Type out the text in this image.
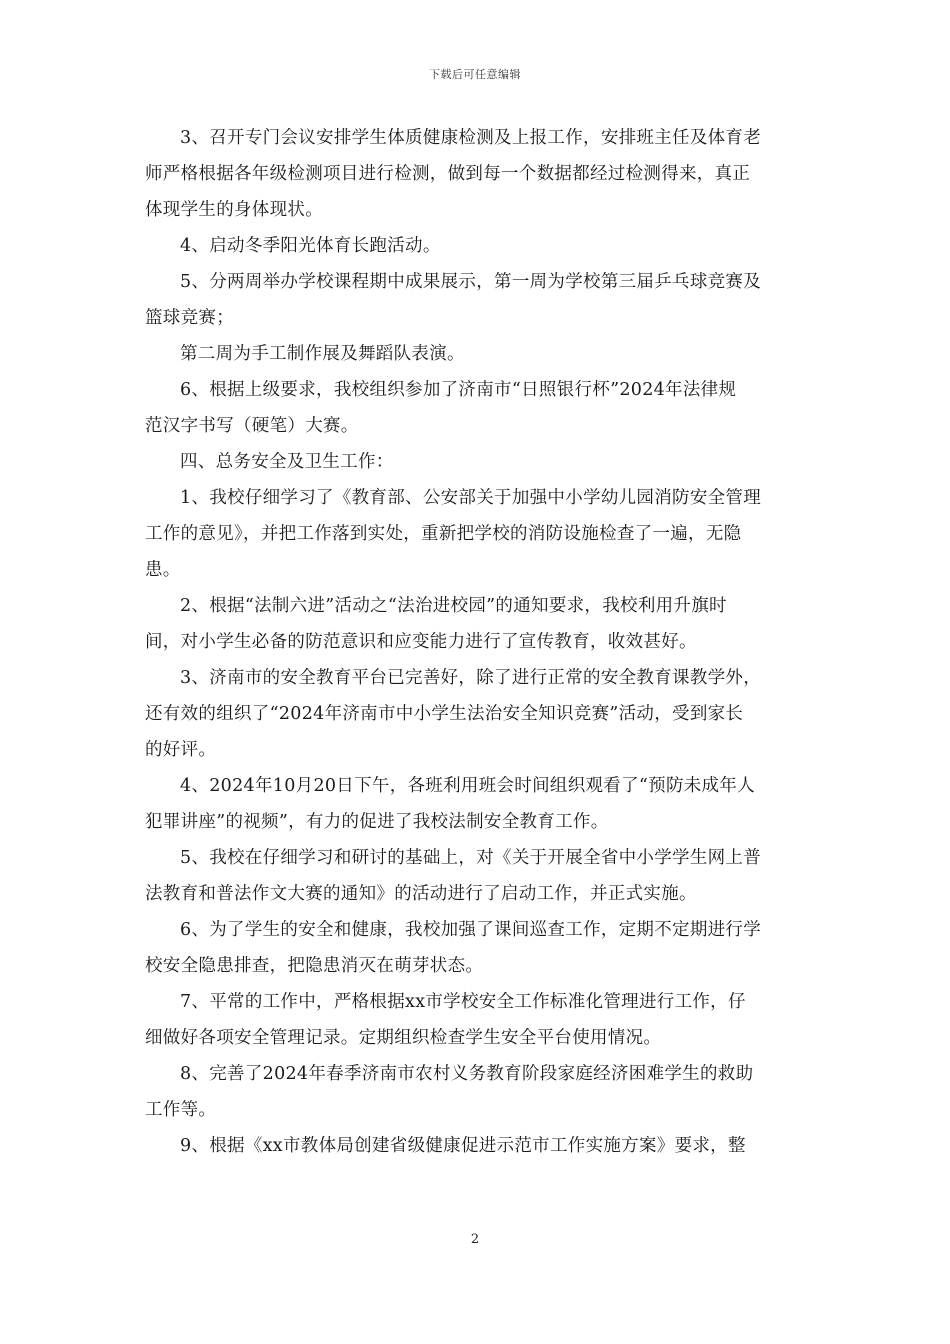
下载后可任意编辑

3、召开专门会议安排学生体质健康检测及上报工作，安排班主任及体育老
师严格根据各年级检测项目进行检测，做到每一个数据都经过检测得来，真正
体现学生的身体现状。

4、启动冬季阳光体育长跑活动。

5、分两周举办学校课程期中成果展示，第一周为学校第三届乒乓球竞赛及
篮球竞赛；

第二周为手工制作展及舞蹈队表演。

6、根据上级要求，我校组织参加了济南市“日照银行杯”2024年法律规
范汉字书写（硬笔）大赛。

四、总务安全及卫生工作：

1、我校仔细学习了《教育部、公安部关于加强中小学幼儿园消防安全管理
工作的意见》，并把工作落到实处，重新把学校的消防设施检查了一遍，无隐
患。

2、根据“法制六进”活动之“法治进校园”的通知要求，我校利用升旗时
间，对小学生必备的防范意识和应变能力进行了宣传教育，收效甚好。

3、济南市的安全教育平台已完善好，除了进行正常的安全教育课教学外，
还有效的组织了“2024年济南市中小学生法治安全知识竞赛”活动，受到家长
的好评。

4、2024年10月20日下午，各班利用班会时间组织观看了“预防未成年人
犯罪讲座”的视频”，有力的促进了我校法制安全教育工作。

5、我校在仔细学习和研讨的基础上，对《关于开展全省中小学学生网上普
法教育和普法作文大赛的通知》的活动进行了启动工作，并正式实施。

6、为了学生的安全和健康，我校加强了课间巡查工作，定期不定期进行学
校安全隐患排查，把隐患消灭在萌芽状态。

7、平常的工作中，严格根据xx市学校安全工作标准化管理进行工作，仔
细做好各项安全管理记录。定期组织检查学生安全平台使用情况。

8、完善了2024年春季济南市农村义务教育阶段家庭经济困难学生的救助
工作等。

9、根据《xx市教体局创建省级健康促进示范市工作实施方案》要求，整

2
